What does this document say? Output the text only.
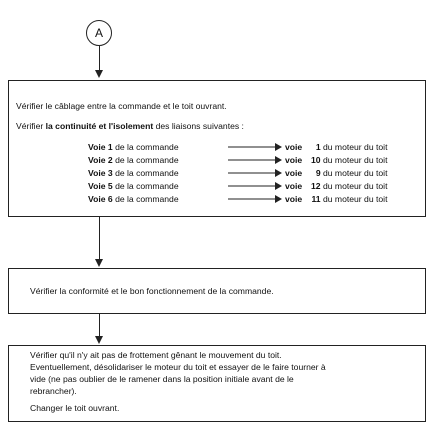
A
Vérifier le câblage entre la commande et le toit ouvrant.
Vérifier la continuité et l'isolement des liaisons suivantes :
Voie 1 de la commande	voie 1 du moteur du toit
Voie 2 de la commande	voie 10 du moteur du toit
Voie 3 de la commande	voie 9 du moteur du toit
Voie 5 de la commande	voie 12 du moteur du toit
Voie 6 de la commande	voie 11 du moteur du toit
Vérifier la conformité et le bon fonctionnement de la commande.
Vérifier qu'il n'y ait pas de frottement gênant le mouvement du toit.
Eventuellement, désolidariser le moteur du toit et essayer de le faire tourner à
vide (ne pas oublier de le ramener dans la position initiale avant de le
rebrancher).
Changer le toit ouvrant.
